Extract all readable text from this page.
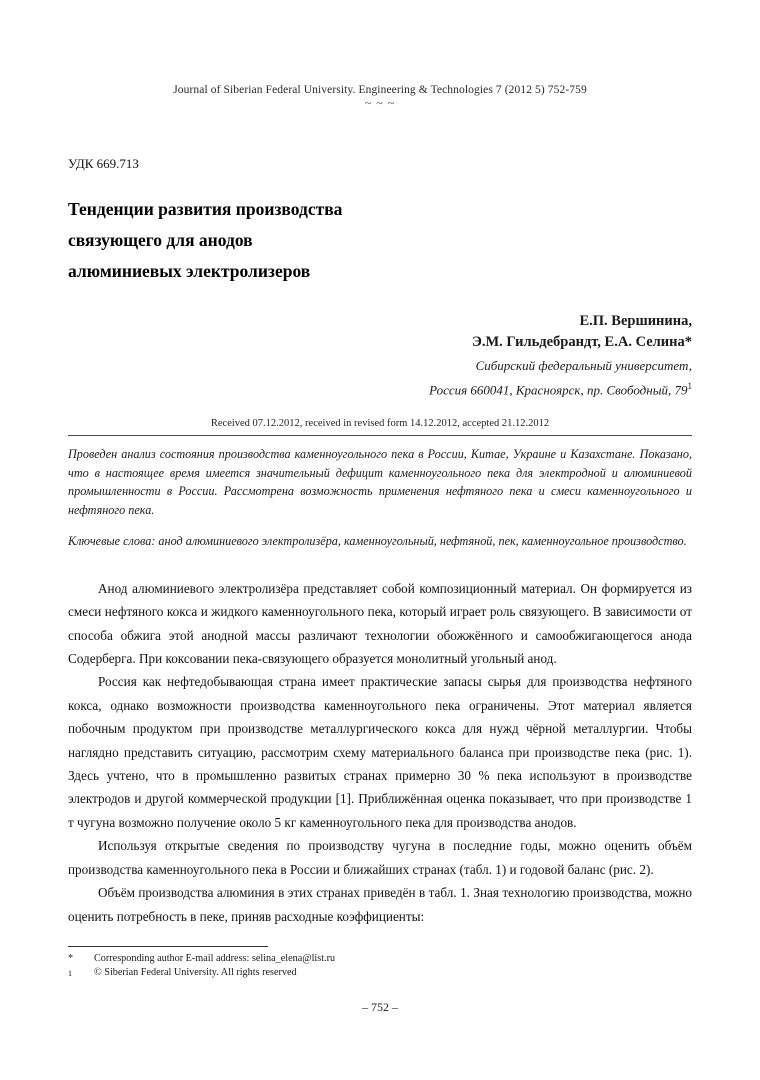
Journal of Siberian Federal University. Engineering & Technologies 7 (2012 5) 752-759
~ ~ ~
УДК 669.713
Тенденции развития производства
связующего для анодов
алюминиевых электролизеров
Е.П. Вершинина,
Э.М. Гильдебрандт, Е.А. Селина*
Сибирский федеральный университет,
Россия 660041, Красноярск, пр. Свободный, $79^1$
Received 07.12.2012, received in revised form 14.12.2012, accepted 21.12.2012
Проведен анализ состояния производства каменноугольного пека в России, Китае, Украине и Казахстане. Показано, что в настоящее время имеется значительный дефицит каменноугольного пека для электродной и алюминиевой промышленности в России. Рассмотрена возможность применения нефтяного пека и смеси каменноугольного и нефтяного пека.
Ключевые слова: анод алюминиевого электролизёра, каменноугольный, нефтяной, пек, каменноугольное производство.

Анод алюминиевого электролизёра представляет собой композиционный материал. Он формируется из смеси нефтяного кокса и жидкого каменноугольного пека, который играет роль связующего. В зависимости от способа обжига этой анодной массы различают технологии обожжённого и самообжигающегося анода Содерберга. При коксовании пека-связующего образуется монолитный угольный анод.

Россия как нефтедобывающая страна имеет практические запасы сырья для производства нефтяного кокса, однако возможности производства каменноугольного пека ограничены. Этот материал является побочным продуктом при производстве металлургического кокса для нужд чёрной металлургии. Чтобы наглядно представить ситуацию, рассмотрим схему материального баланса при производстве пека (рис. 1). Здесь учтено, что в промышленно развитых странах примерно 30 % пека используют в производстве электродов и другой коммерческой продукции [1]. Приближённая оценка показывает, что при производстве 1 т чугуна возможно получение около 5 кг каменноугольного пека для производства анодов.

Используя открытые сведения по производству чугуна в последние годы, можно оценить объём производства каменноугольного пека в России и ближайших странах (табл. 1) и годовой баланс (рис. 2).

Объём производства алюминия в этих странах приведён в табл. 1. Зная технологию производства, можно оценить потребность в пеке, приняв расходные коэффициенты:

*	Corresponding author E-mail address: selina_elena@list.ru
1	© Siberian Federal University. All rights reserved
– 752 –
